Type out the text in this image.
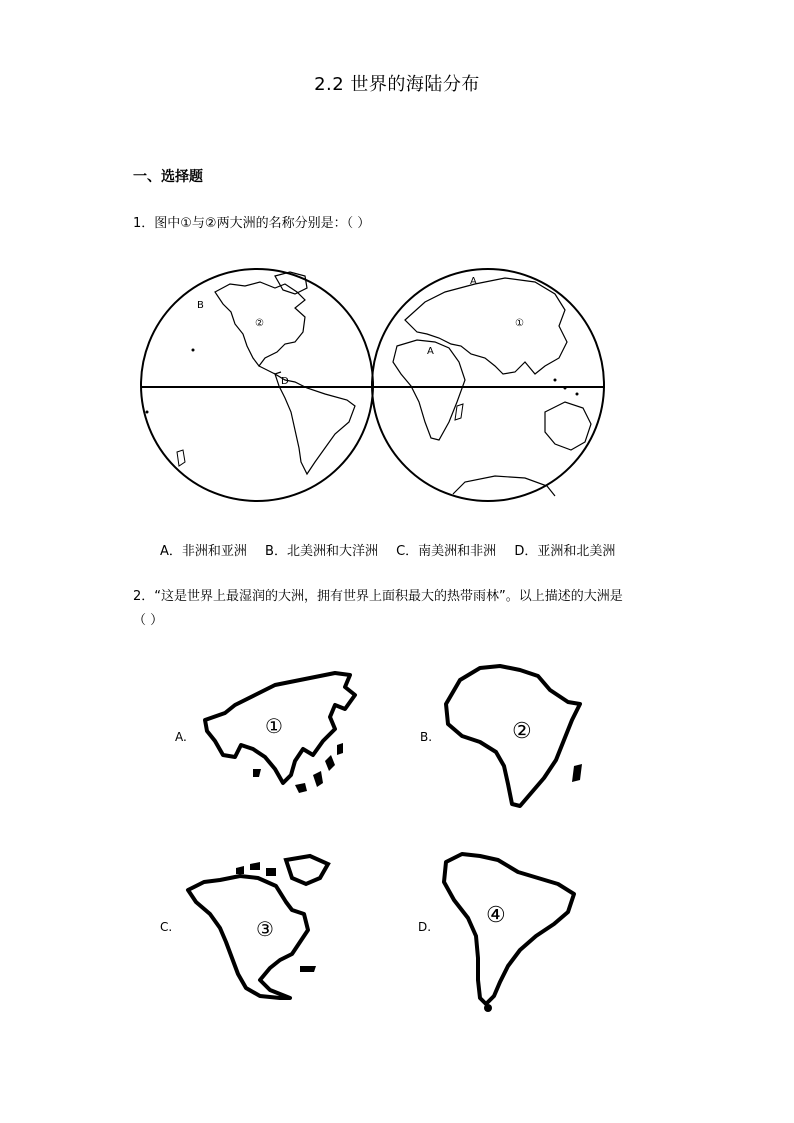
2.2 世界的海陆分布
一、选择题
1．图中①与②两大洲的名称分别是：（ ）
B
②
D
A
A
①
A．非洲和亚洲 B．北美洲和大洋洲 C．南美洲和非洲 D．亚洲和北美洲
2．“这是世界上最湿润的大洲，拥有世界上面积最大的热带雨林”。以上描述的大洲是
（ ）
A.	①	B.	②
C.	③	D. ④
